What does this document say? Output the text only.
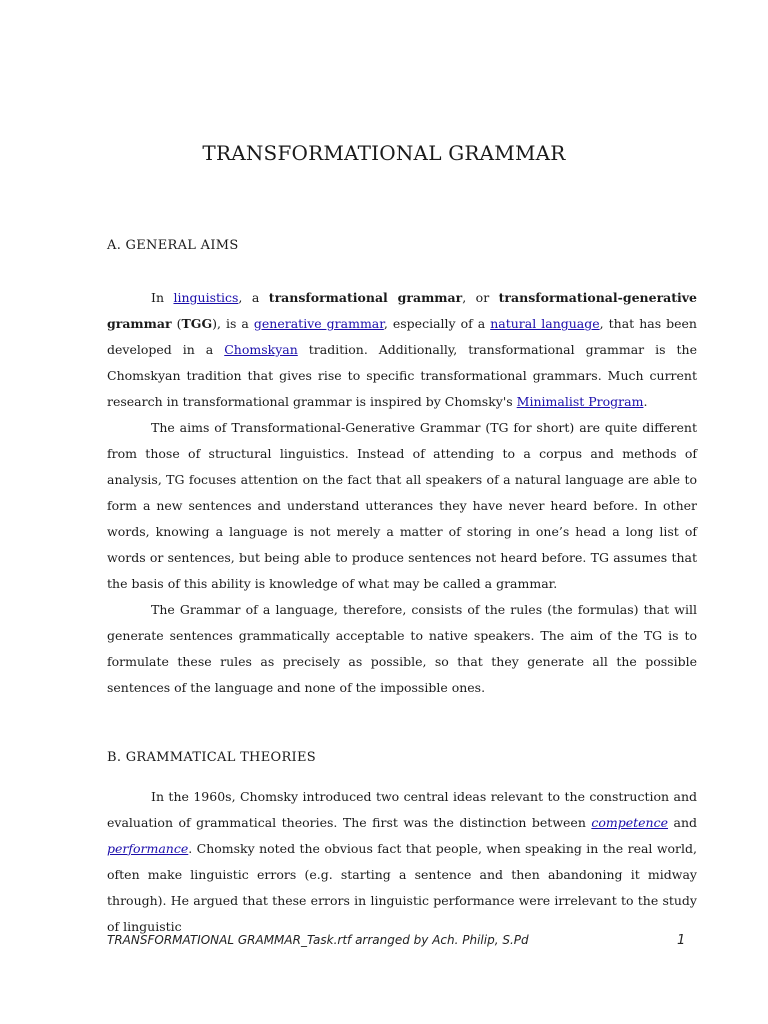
TRANSFORMATIONAL GRAMMAR
A. GENERAL AIMS

In linguistics, a transformational grammar, or transformational-generative grammar (TGG), is a generative grammar, especially of a natural language, that has been developed in a Chomskyan tradition. Additionally, transformational grammar is the Chomskyan tradition that gives rise to specific transformational grammars. Much current research in transformational grammar is inspired by Chomsky's Minimalist Program.

The aims of Transformational-Generative Grammar (TG for short) are quite different from those of structural linguistics. Instead of attending to a corpus and methods of analysis, TG focuses attention on the fact that all speakers of a natural language are able to form a new sentences and understand utterances they have never heard before. In other words, knowing a language is not merely a matter of storing in one’s head a long list of words or sentences, but being able to produce sentences not heard before. TG assumes that the basis of this ability is knowledge of what may be called a grammar.

The Grammar of a language, therefore, consists of the rules (the formulas) that will generate sentences grammatically acceptable to native speakers. The aim of the TG is to formulate these rules as precisely as possible, so that they generate all the possible sentences of the language and none of the impossible ones.

B. GRAMMATICAL THEORIES

In the 1960s, Chomsky introduced two central ideas relevant to the construction and evaluation of grammatical theories. The first was the distinction between competence and performance. Chomsky noted the obvious fact that people, when speaking in the real world, often make linguistic errors (e.g. starting a sentence and then abandoning it midway through). He argued that these errors in linguistic performance were irrelevant to the study of linguistic

TRANSFORMATIONAL GRAMMAR_Task.rtf arranged by Ach. Philip, S.Pd	1
